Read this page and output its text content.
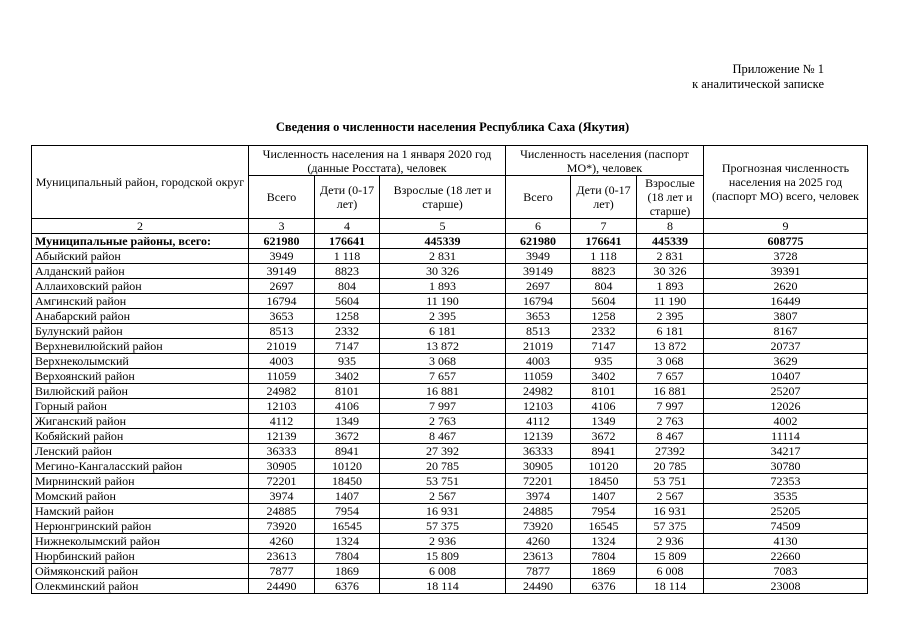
Приложение № 1
к аналитической записке
Сведения о численности населения Республика Саха (Якутия)
Муниципальный район, городской округ	Численность населения на 1 января 2020 год (данные Росстата), человек			Численность населения (паспорт МО*), человек			Прогнозная численность населения на 2025 год (паспорт МО) всего, человек
	Всего	Дети (0-17 лет)	Взрослые (18 лет и старше)	Всего	Дети (0-17 лет)	Взрослые (18 лет и старше)	
2	3	4	5	6	7	8	9
Муниципальные районы, всего:	621980	176641	445339	621980	176641	445339	608775
Абыйский район	3949	1 118	2 831	3949	1 118	2 831	3728
Алданский район	39149	8823	30 326	39149	8823	30 326	39391
Аллаиховский район	2697	804	1 893	2697	804	1 893	2620
Амгинский район	16794	5604	11 190	16794	5604	11 190	16449
Анабарский район	3653	1258	2 395	3653	1258	2 395	3807
Булунский район	8513	2332	6 181	8513	2332	6 181	8167
Верхневилюйский район	21019	7147	13 872	21019	7147	13 872	20737
Верхнеколымский	4003	935	3 068	4003	935	3 068	3629
Верхоянский район	11059	3402	7 657	11059	3402	7 657	10407
Вилюйский район	24982	8101	16 881	24982	8101	16 881	25207
Горный район	12103	4106	7 997	12103	4106	7 997	12026
Жиганский район	4112	1349	2 763	4112	1349	2 763	4002
Кобяйский район	12139	3672	8 467	12139	3672	8 467	11114
Ленский район	36333	8941	27 392	36333	8941	27392	34217
Мегино-Кангаласский район	30905	10120	20 785	30905	10120	20 785	30780
Мирнинский район	72201	18450	53 751	72201	18450	53 751	72353
Момский район	3974	1407	2 567	3974	1407	2 567	3535
Намский район	24885	7954	16 931	24885	7954	16 931	25205
Нерюнгринский район	73920	16545	57 375	73920	16545	57 375	74509
Нижнеколымский район	4260	1324	2 936	4260	1324	2 936	4130
Нюрбинский район	23613	7804	15 809	23613	7804	15 809	22660
Оймяконский район	7877	1869	6 008	7877	1869	6 008	7083
Олекминский район	24490	6376	18 114	24490	6376	18 114	23008
